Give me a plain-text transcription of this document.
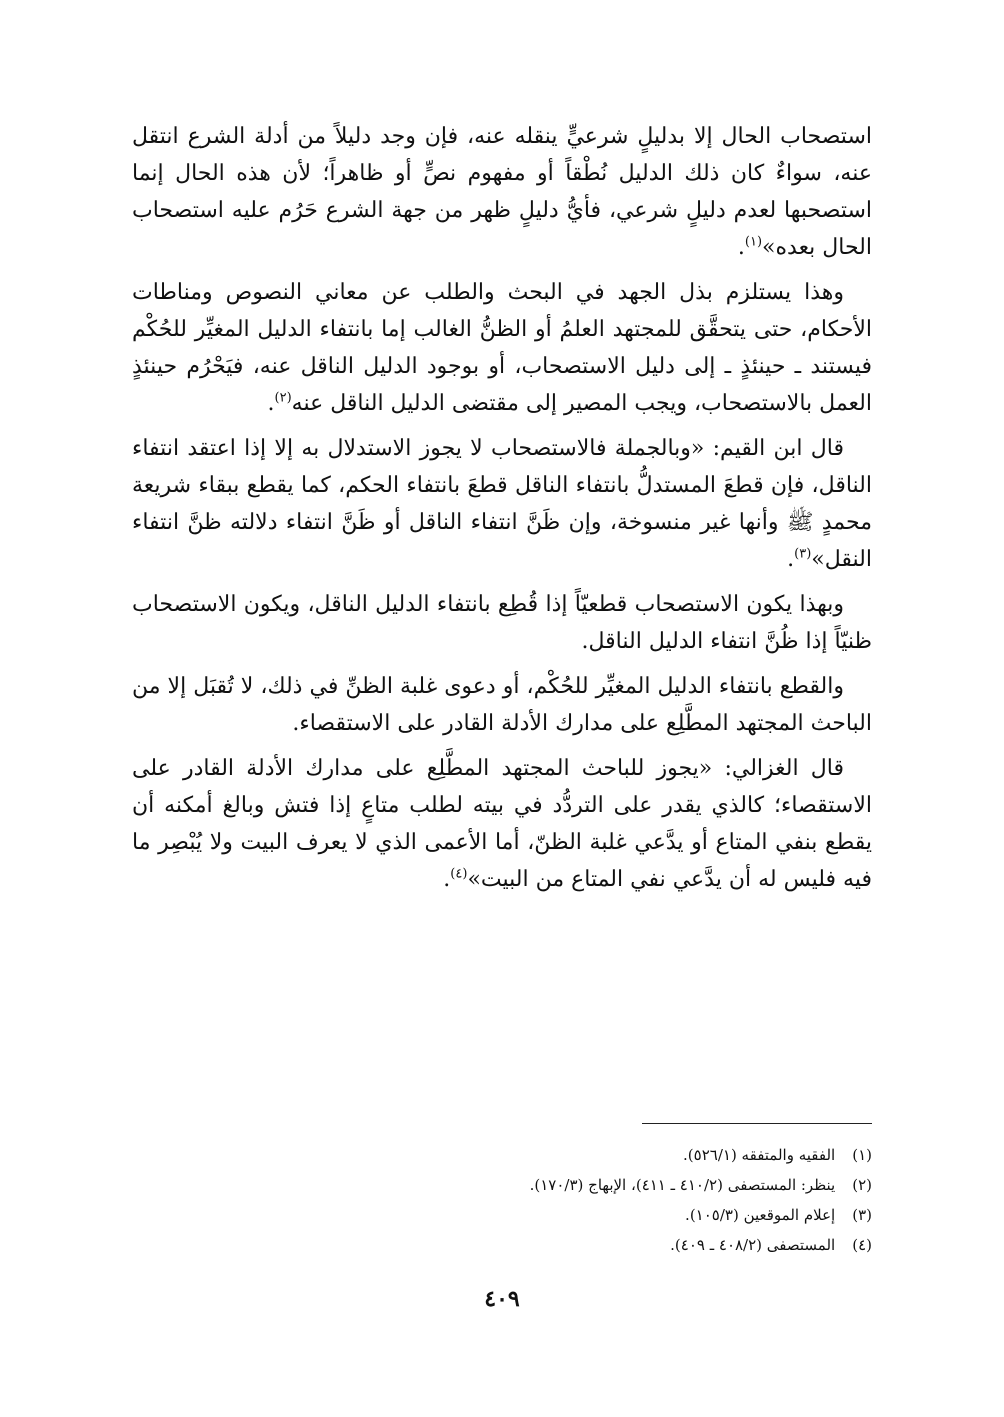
استصحاب الحال إلا بدليلٍ شرعيٍّ ينقله عنه، فإن وجد دليلاً من أدلة الشرع انتقل عنه، سواءٌ كان ذلك الدليل نُطْقاً أو مفهوم نصٍّ أو ظاهراً؛ لأن هذه الحال إنما استصحبها لعدم دليلٍ شرعي، فأيُّ دليلٍ ظهر من جهة الشرع حَرُم عليه استصحاب الحال بعده»$^{(١)}$.

وهذا يستلزم بذل الجهد في البحث والطلب عن معاني النصوص ومناطات الأحكام، حتى يتحقَّق للمجتهد العلمُ أو الظنُّ الغالب إما بانتفاء الدليل المغيِّر للحُكْم فيستند ـ حينئذٍ ـ إلى دليل الاستصحاب، أو بوجود الدليل الناقل عنه، فيَحْرُم حينئذٍ العمل بالاستصحاب، ويجب المصير إلى مقتضى الدليل الناقل عنه$^{(٢)}$.

قال ابن القيم: «وبالجملة فالاستصحاب لا يجوز الاستدلال به إلا إذا اعتقد انتفاء الناقل، فإن قطعَ المستدلُّ بانتفاء الناقل قطعَ بانتفاء الحكم، كما يقطع ببقاء شريعة محمدٍ ﷺ وأنها غير منسوخة، وإن ظَنَّ انتفاء الناقل أو ظَنَّ انتفاء دلالته ظنَّ انتفاء النقل»$^{(٣)}$.

وبهذا يكون الاستصحاب قطعيّاً إذا قُطِع بانتفاء الدليل الناقل، ويكون الاستصحاب ظنيّاً إذا ظُنَّ انتفاء الدليل الناقل.

والقطع بانتفاء الدليل المغيِّر للحُكْم، أو دعوى غلبة الظنِّ في ذلك، لا تُقبَل إلا من الباحث المجتهد المطَّلِع على مدارك الأدلة القادر على الاستقصاء.

قال الغزالي: «يجوز للباحث المجتهد المطَّلِع على مدارك الأدلة القادر على الاستقصاء؛ كالذي يقدر على التردُّد في بيته لطلب متاعٍ إذا فتش وبالغ أمكنه أن يقطع بنفي المتاع أو يدَّعي غلبة الظنّ، أما الأعمى الذي لا يعرف البيت ولا يُبْصِر ما فيه فليس له أن يدَّعي نفي المتاع من البيت»$^{(٤)}$.

(١) الفقيه والمتفقه (٥٢٦/١).
(٢) ينظر: المستصفى (٤١٠/٢ ـ ٤١١)، الإبهاج (١٧٠/٣).
(٣) إعلام الموقعين (١٠٥/٣).
(٤) المستصفى (٤٠٨/٢ ـ ٤٠٩).
٤٠٩
